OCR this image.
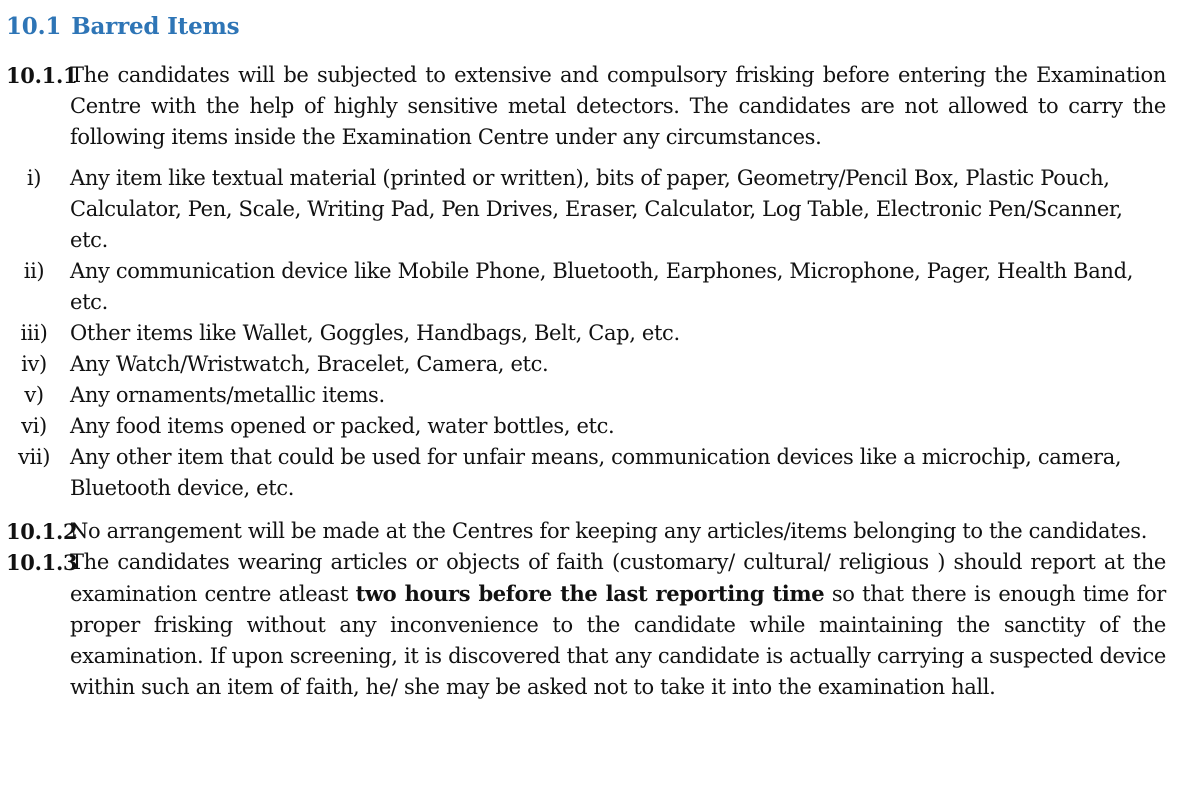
10.1 Barred Items
10.1.1
The candidates will be subjected to extensive and compulsory frisking before entering the Examination Centre with the help of highly sensitive metal detectors. The candidates are not allowed to carry the following items inside the Examination Centre under any circumstances.
i)	Any item like textual material (printed or written), bits of paper, Geometry/Pencil Box, Plastic Pouch, Calculator, Pen, Scale, Writing Pad, Pen Drives, Eraser, Calculator, Log Table, Electronic Pen/Scanner, etc.
ii)	Any communication device like Mobile Phone, Bluetooth, Earphones, Microphone, Pager, Health Band, etc.
iii)	Other items like Wallet, Goggles, Handbags, Belt, Cap, etc.
iv)	Any Watch/Wristwatch, Bracelet, Camera, etc.
v)	Any ornaments/metallic items.
vi)	Any food items opened or packed, water bottles, etc.
vii) Any other item that could be used for unfair means, communication devices like a microchip, camera, Bluetooth device, etc.
10.1.2
No arrangement will be made at the Centres for keeping any articles/items belonging to the candidates.
10.1.3
The candidates wearing articles or objects of faith (customary/ cultural/ religious ) should report at the examination centre atleast two hours before the last reporting time so that there is enough time for proper frisking without any inconvenience to the candidate while maintaining the sanctity of the examination. If upon screening, it is discovered that any candidate is actually carrying a suspected device within such an item of faith, he/ she may be asked not to take it into the examination hall.
